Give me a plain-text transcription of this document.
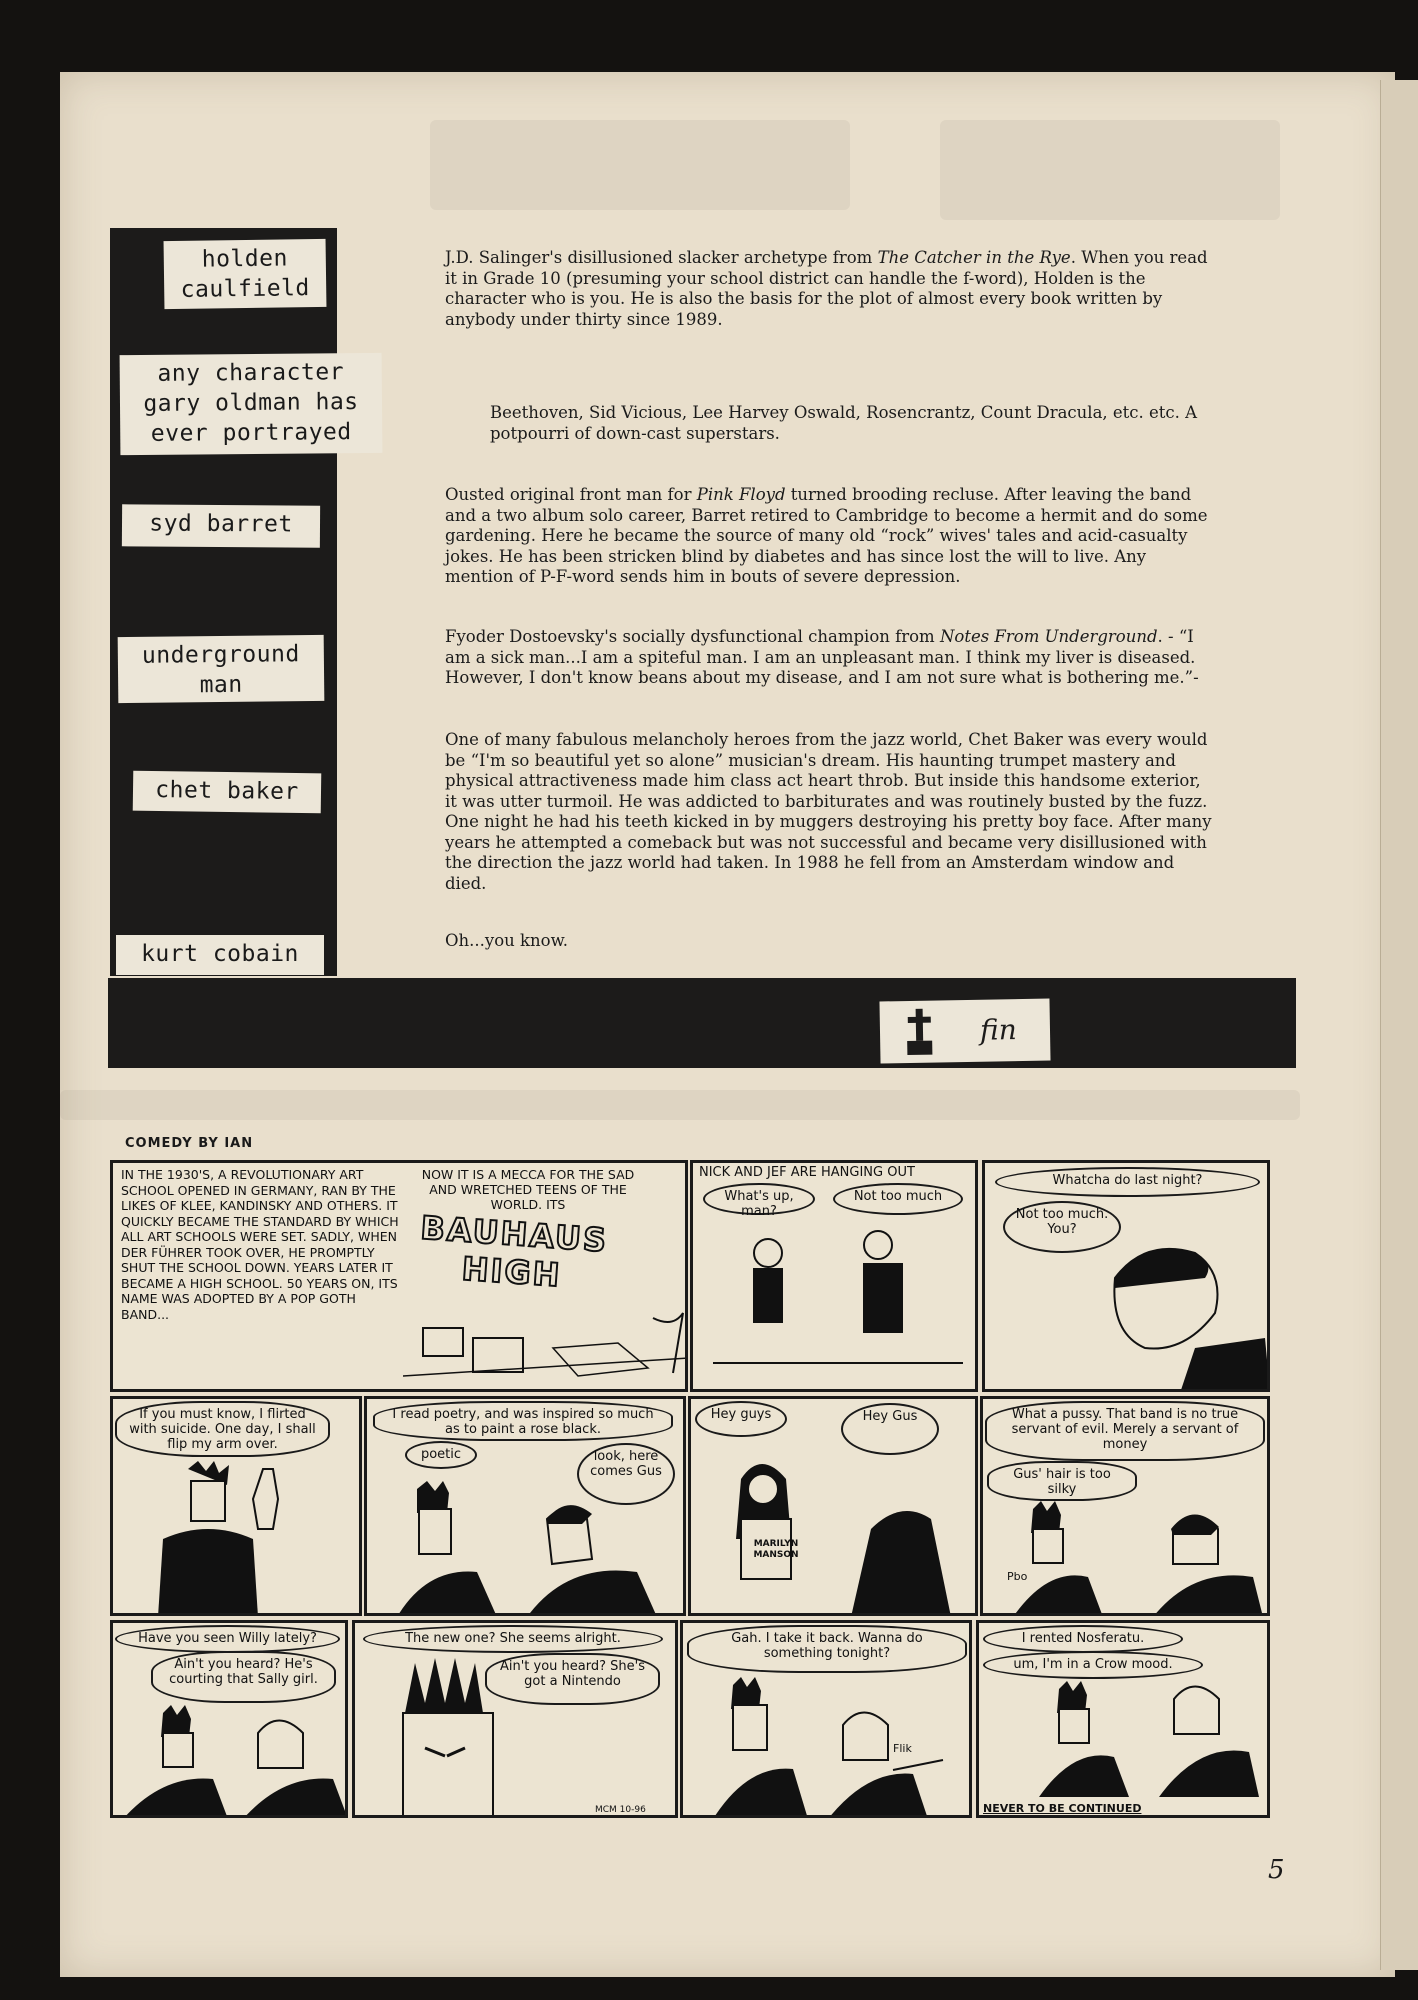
holden
caulfield
any character
gary oldman has
ever portrayed
syd barret
underground
man
chet baker
kurt cobain

J.D. Salinger's disillusioned slacker archetype from The Catcher in the Rye. When you read it in Grade 10 (presuming your school district can handle the f-word), Holden is the character who is you. He is also the basis for the plot of almost every book written by anybody under thirty since 1989.

Beethoven, Sid Vicious, Lee Harvey Oswald, Rosencrantz, Count Dracula, etc. etc. A potpourri of down-cast superstars.

Ousted original front man for Pink Floyd turned brooding recluse. After leaving the band and a two album solo career, Barret retired to Cambridge to become a hermit and do some gardening. Here he became the source of many old “rock” wives' tales and acid-casualty jokes. He has been stricken blind by diabetes and has since lost the will to live. Any mention of P-F-word sends him in bouts of severe depression.

Fyoder Dostoevsky's socially dysfunctional champion from Notes From Underground. - “I am a sick man...I am a spiteful man. I am an unpleasant man. I think my liver is diseased. However, I don't know beans about my disease, and I am not sure what is bothering me.”-

One of many fabulous melancholy heroes from the jazz world, Chet Baker was every would be “I'm so beautiful yet so alone” musician's dream. His haunting trumpet mastery and physical attractiveness made him class act heart throb. But inside this handsome exterior, it was utter turmoil. He was addicted to barbiturates and was routinely busted by the fuzz. One night he had his teeth kicked in by muggers destroying his pretty boy face. After many years he attempted a comeback but was not successful and became very disillusioned with the direction the jazz world had taken. In 1988 he fell from an Amsterdam window and died.

Oh...you know.

fin
COMEDY BY IAN
IN THE 1930'S, A REVOLUTIONARY ART SCHOOL OPENED IN GERMANY, RAN BY THE LIKES OF KLEE, KANDINSKY AND OTHERS. IT QUICKLY BECAME THE STANDARD BY WHICH ALL ART SCHOOLS WERE SET. SADLY, WHEN DER FÜHRER TOOK OVER, HE PROMPTLY SHUT THE SCHOOL DOWN. YEARS LATER IT BECAME A HIGH SCHOOL. 50 YEARS ON, ITS NAME WAS ADOPTED BY A POP GOTH BAND...
NOW IT IS A MECCA FOR THE SAD AND WRETCHED TEENS OF THE WORLD. ITS
BAUHAUS HIGH
NICK AND JEF ARE HANGING OUT
What's up, man?
Not too much
Whatcha do last night?
Not too much. You?
If you must know, I flirted with suicide. One day, I shall flip my arm over.
I read poetry, and was inspired so much as to paint a rose black.
poetic	look, here comes Gus
Hey guys	Hey Gus
MARILYN MANSON
What a pussy. That band is no true servant of evil. Merely a servant of money
Gus' hair is too silky
Pbo
Have you seen Willy lately?
Ain't you heard? He's courting that Sally girl.
The new one? She seems alright.
Ain't you heard? She's got a Nintendo
MCM 10-96
Gah. I take it back. Wanna do something tonight?
Flik
I rented Nosferatu.
um, I'm in a Crow mood.
NEVER TO BE CONTINUED
5
